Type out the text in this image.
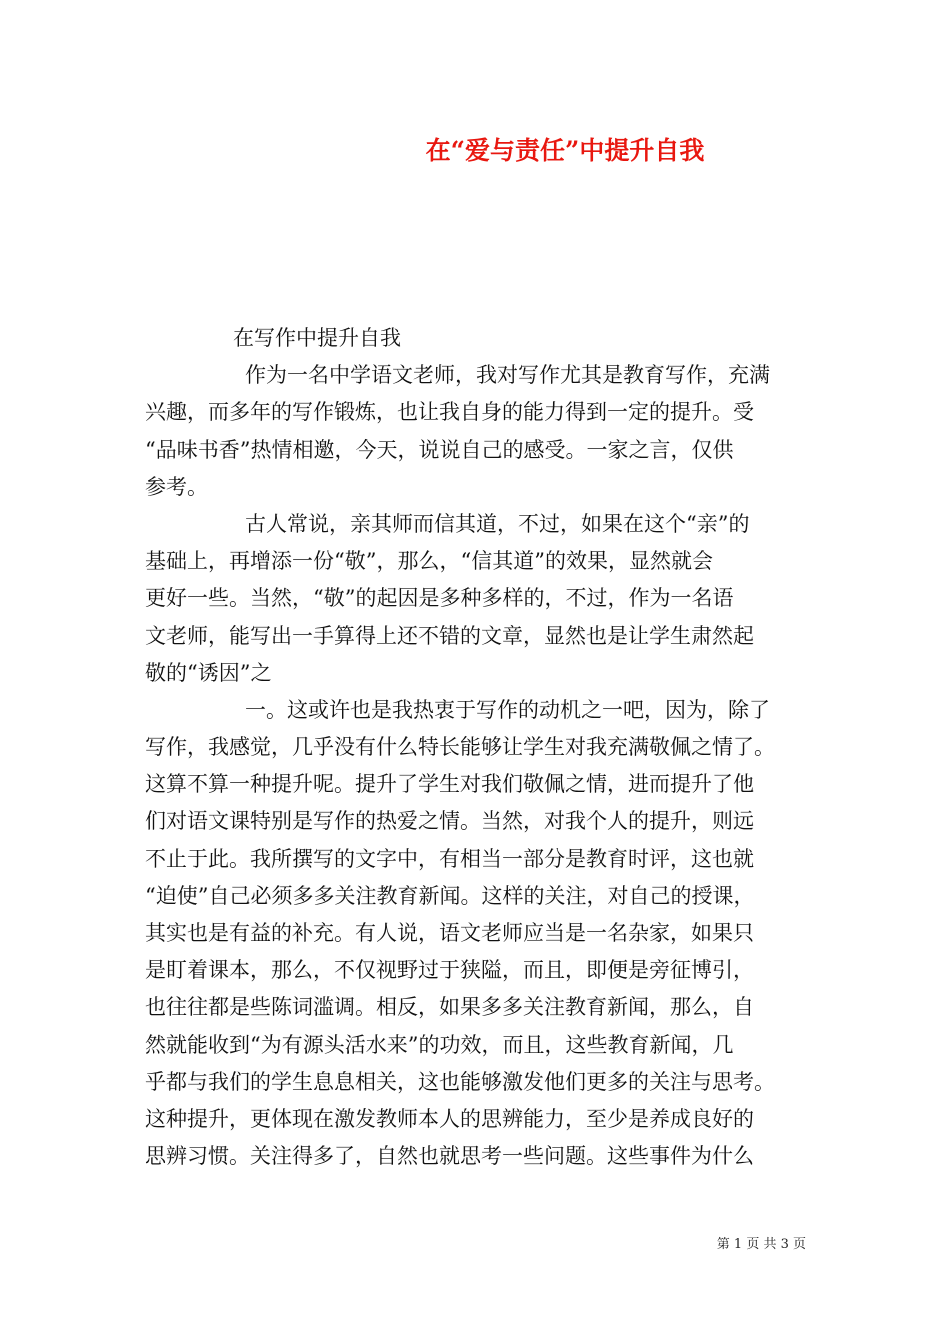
在“爱与责任”中提升自我
在写作中提升自我
作为一名中学语文老师，我对写作尤其是教育写作，充满
兴趣，而多年的写作锻炼，也让我自身的能力得到一定的提升。受
“品味书香”热情相邀，今天，说说自己的感受。一家之言，仅供
参考。
古人常说，亲其师而信其道，不过，如果在这个“亲”的
基础上，再增添一份“敬”，那么，“信其道”的效果，显然就会
更好一些。当然，“敬”的起因是多种多样的，不过，作为一名语
文老师，能写出一手算得上还不错的文章，显然也是让学生肃然起
敬的“诱因”之
一。这或许也是我热衷于写作的动机之一吧，因为，除了
写作，我感觉，几乎没有什么特长能够让学生对我充满敬佩之情了。
这算不算一种提升呢。提升了学生对我们敬佩之情，进而提升了他
们对语文课特别是写作的热爱之情。当然，对我个人的提升，则远
不止于此。我所撰写的文字中，有相当一部分是教育时评，这也就
“迫使”自己必须多多关注教育新闻。这样的关注，对自己的授课，
其实也是有益的补充。有人说，语文老师应当是一名杂家，如果只
是盯着课本，那么，不仅视野过于狭隘，而且，即便是旁征博引，
也往往都是些陈词滥调。相反，如果多多关注教育新闻，那么，自
然就能收到“为有源头活水来”的功效，而且，这些教育新闻，几
乎都与我们的学生息息相关，这也能够激发他们更多的关注与思考。
这种提升，更体现在激发教师本人的思辨能力，至少是养成良好的
思辨习惯。关注得多了，自然也就思考一些问题。这些事件为什么
第 1 页 共 3 页
